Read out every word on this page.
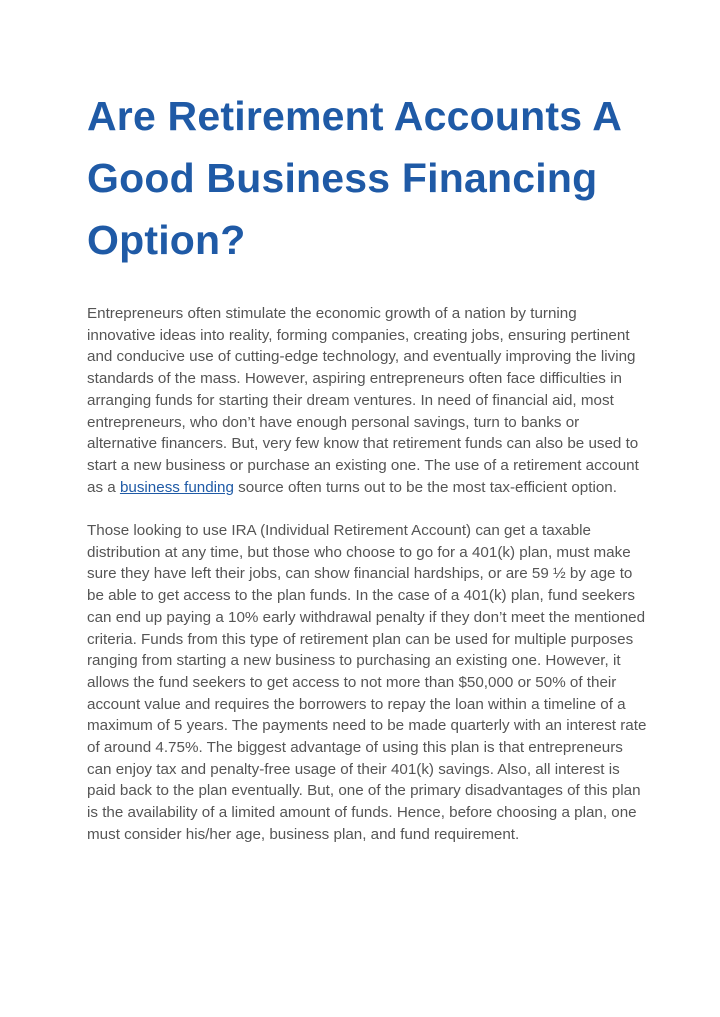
Are Retirement Accounts A Good Business Financing Option?

Entrepreneurs often stimulate the economic growth of a nation by turning innovative ideas into reality, forming companies, creating jobs, ensuring pertinent and conducive use of cutting-edge technology, and eventually improving the living standards of the mass. However, aspiring entrepreneurs often face difficulties in arranging funds for starting their dream ventures. In need of financial aid, most entrepreneurs, who don’t have enough personal savings, turn to banks or alternative financers. But, very few know that retirement funds can also be used to start a new business or purchase an existing one. The use of a retirement account as a business funding source often turns out to be the most tax-efficient option.

Those looking to use IRA (Individual Retirement Account) can get a taxable distribution at any time, but those who choose to go for a 401(k) plan, must make sure they have left their jobs, can show financial hardships, or are 59 ½ by age to be able to get access to the plan funds. In the case of a 401(k) plan, fund seekers can end up paying a 10% early withdrawal penalty if they don’t meet the mentioned criteria. Funds from this type of retirement plan can be used for multiple purposes ranging from starting a new business to purchasing an existing one. However, it allows the fund seekers to get access to not more than $50,000 or 50% of their account value and requires the borrowers to repay the loan within a timeline of a maximum of 5 years. The payments need to be made quarterly with an interest rate of around 4.75%. The biggest advantage of using this plan is that entrepreneurs can enjoy tax and penalty-free usage of their 401(k) savings. Also, all interest is paid back to the plan eventually. But, one of the primary disadvantages of this plan is the availability of a limited amount of funds. Hence, before choosing a plan, one must consider his/her age, business plan, and fund requirement.
